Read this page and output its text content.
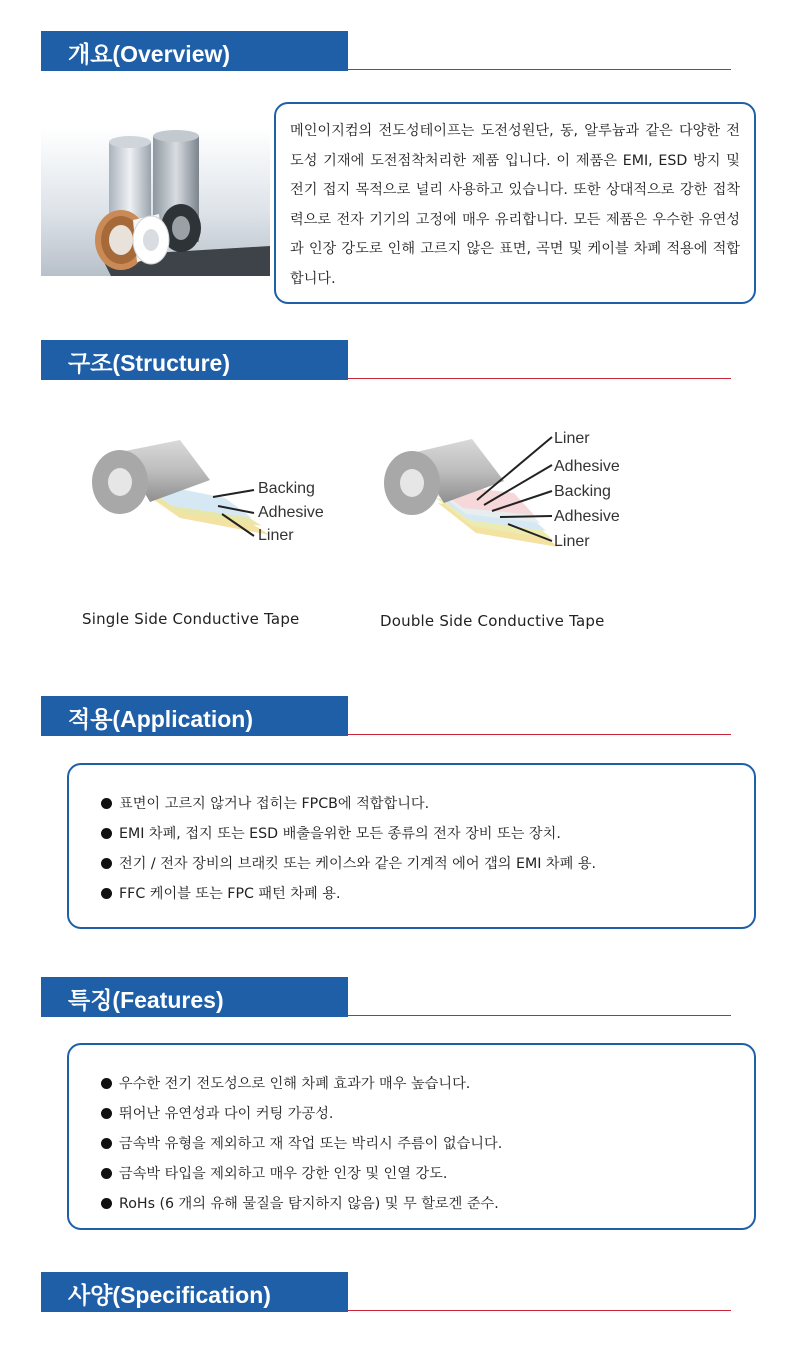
개요(Overview)

메인이지컴의 전도성테이프는 도전성원단, 동, 알루늄과 같은 다양한 전도성 기재에 도전점착처리한 제품 입니다. 이 제품은 EMI, ESD 방지 및 전기 접지 목적으로 널리 사용하고 있습니다. 또한 상대적으로 강한 접착력으로 전자 기기의 고정에 매우 유리합니다. 모든 제품은 우수한 유연성과 인장 강도로 인해 고르지 않은 표면, 곡면 및 케이블 차폐 적용에 적합합니다.

구조(Structure)
Backing
Adhesive
Liner
Liner
Adhesive
Backing
Adhesive
Liner
Single Side Conductive Tape	Double Side Conductive Tape
적용(Application)
표면이 고르지 않거나 접히는 FPCB에 적합합니다.
EMI 차폐, 접지 또는 ESD 배출을위한 모든 종류의 전자 장비 또는 장치.
전기 / 전자 장비의 브래킷 또는 케이스와 같은 기계적 에어 갭의 EMI 차폐 용.
FFC 케이블 또는 FPC 패턴 차폐 용.
특징(Features)
우수한 전기 전도성으로 인해 차폐 효과가 매우 높습니다.
뛰어난 유연성과 다이 커팅 가공성.
금속박 유형을 제외하고 재 작업 또는 박리시 주름이 없습니다.
금속박 타입을 제외하고 매우 강한 인장 및 인열 강도.
RoHs (6 개의 유해 물질을 탐지하지 않음) 및 무 할로겐 준수.
사양(Specification)
